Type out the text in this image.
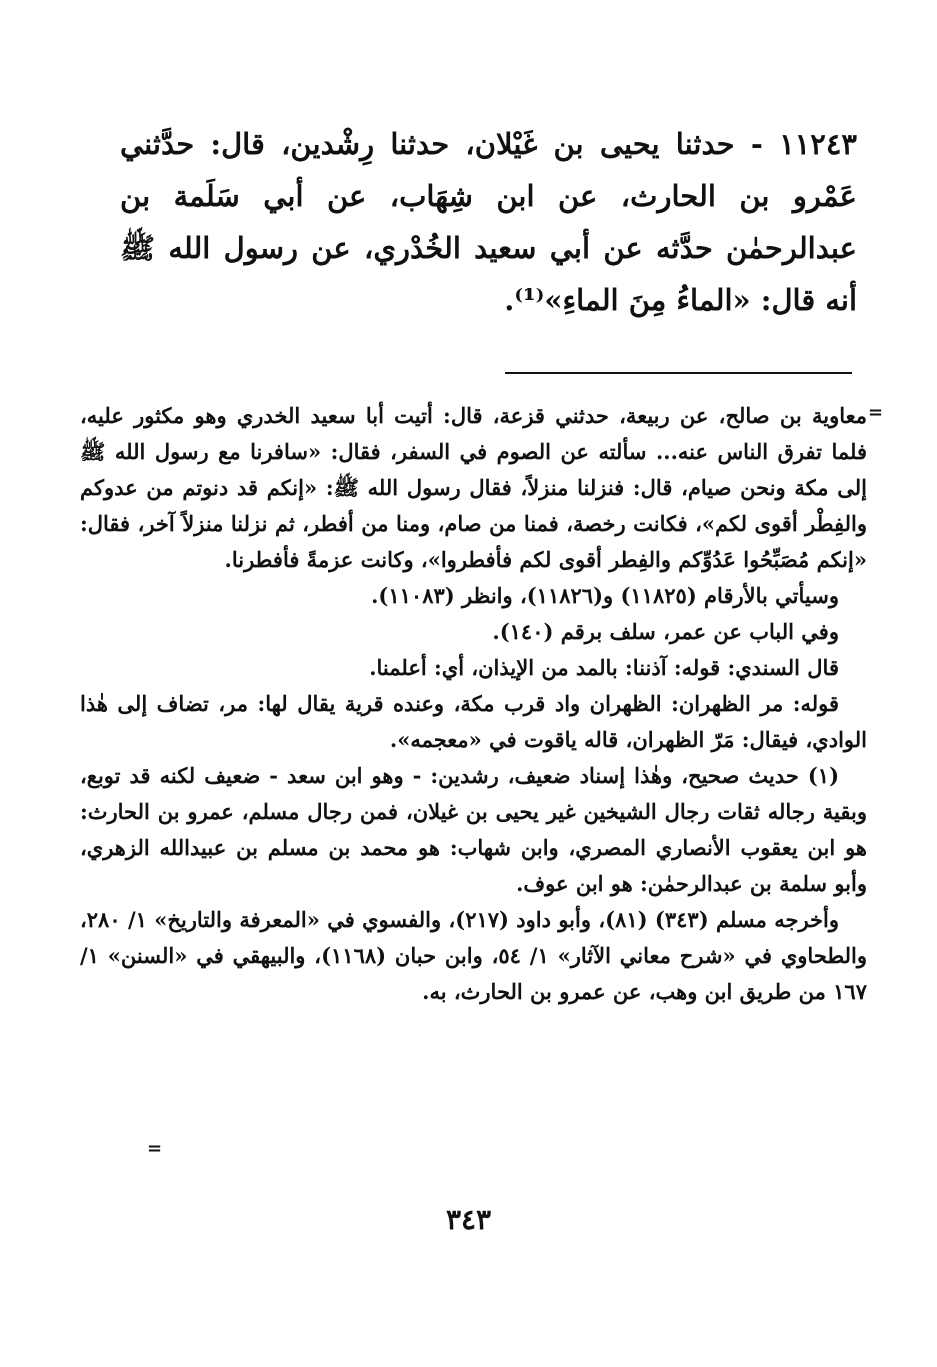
١١٢٤٣ - حدثنا يحيى بن غَيْلان، حدثنا رِشْدين، قال: حدَّثني عَمْرو بن الحارث، عن ابن شِهَاب، عن أبي سَلَمة بن عبدالرحمٰن حدَّثه عن أبي سعيد الخُدْري، عن رسول الله ﷺ أنه قال: «الماءُ مِنَ الماءِ»⁽¹⁾.
=

معاوية بن صالح، عن ربيعة، حدثني قزعة، قال: أتيت أبا سعيد الخدري وهو مكثور عليه، فلما تفرق الناس عنه... سألته عن الصوم في السفر، فقال: «سافرنا مع رسول الله ﷺ إلى مكة ونحن صيام، قال: فنزلنا منزلاً، فقال رسول الله ﷺ: «إنكم قد دنوتم من عدوكم والفِطْر أقوى لكم»، فكانت رخصة، فمنا من صام، ومنا من أفطر، ثم نزلنا منزلاً آخر، فقال: «إنكم مُصَبِّحُوا عَدُوِّكم والفِطر أقوى لكم فأفطروا»، وكانت عزمةً فأفطرنا.

وسيأتي بالأرقام (١١٨٢٥) و(١١٨٢٦)، وانظر (١١٠٨٣).

وفي الباب عن عمر، سلف برقم (١٤٠).

قال السندي: قوله: آذننا: بالمد من الإيذان، أي: أعلمنا.

قوله: مر الظهران: الظهران واد قرب مكة، وعنده قرية يقال لها: مر، تضاف إلى هٰذا الوادي، فيقال: مَرّ الظهران، قاله ياقوت في «معجمه».

(١) حديث صحيح، وهٰذا إسناد ضعيف، رشدين: - وهو ابن سعد - ضعيف لكنه قد توبع، وبقية رجاله ثقات رجال الشيخين غير يحيى بن غيلان، فمن رجال مسلم، عمرو بن الحارث: هو ابن يعقوب الأنصاري المصري، وابن شهاب: هو محمد بن مسلم بن عبيدالله الزهري، وأبو سلمة بن عبدالرحمٰن: هو ابن عوف.

وأخرجه مسلم (٣٤٣) (٨١)، وأبو داود (٢١٧)، والفسوي في «المعرفة والتاريخ» ١/ ٢٨٠، والطحاوي في «شرح معاني الآثار» ١/ ٥٤، وابن حبان (١١٦٨)، والبيهقي في «السنن» ١/ ١٦٧ من طريق ابن وهب، عن عمرو بن الحارث، به.

=
٣٤٣
